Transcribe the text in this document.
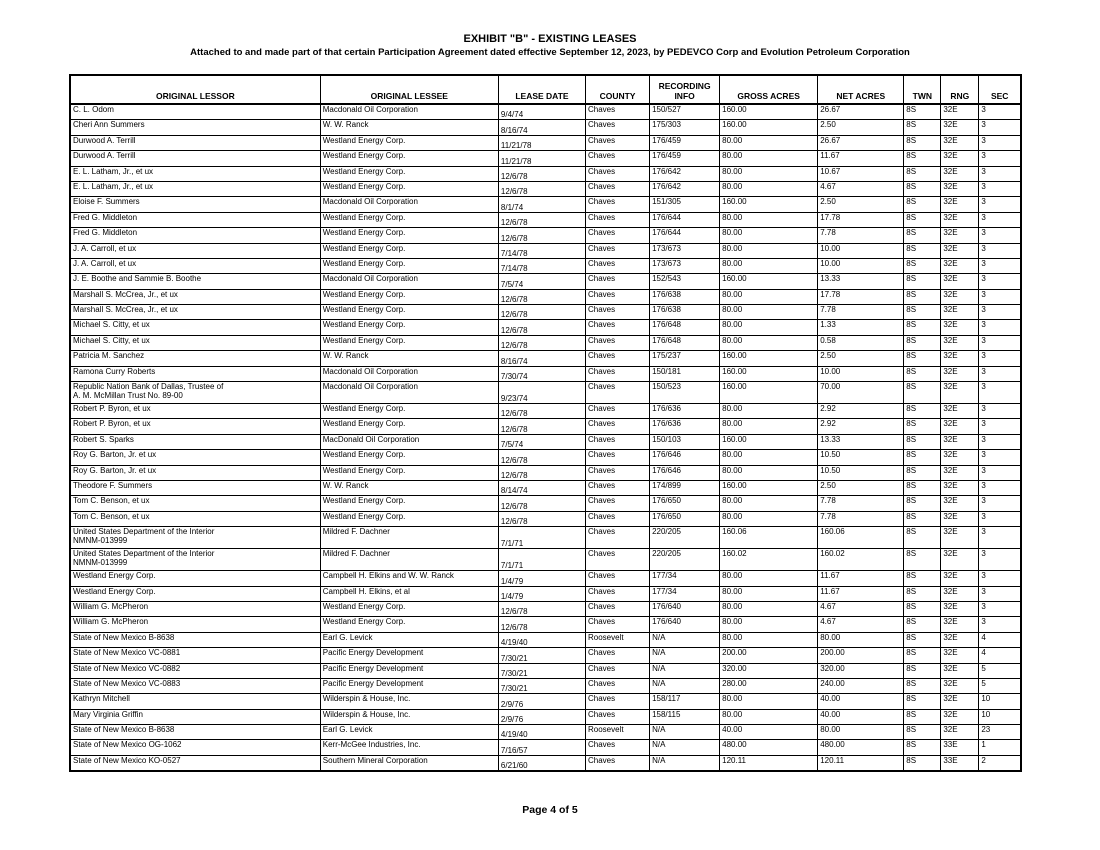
EXHIBIT "B" - EXISTING LEASES
Attached to and made part of that certain Participation Agreement dated effective September 12, 2023, by PEDEVCO Corp and Evolution Petroleum Corporation
ORIGINAL LESSOR	ORIGINAL LESSEE	LEASE DATE	COUNTY	RECORDING INFO	GROSS ACRES	NET ACRES	TWN	RNG	SEC
C. L. Odom	Macdonald Oil Corporation	9/4/74	Chaves	150/527	160.00	26.67	8S	32E	3
Cheri Ann Summers	W. W. Ranck	8/16/74	Chaves	175/303	160.00	2.50	8S	32E	3
Durwood A. Terrill	Westland Energy Corp.	11/21/78	Chaves	176/459	80.00	26.67	8S	32E	3
Durwood A. Terrill	Westland Energy Corp.	11/21/78	Chaves	176/459	80.00	11.67	8S	32E	3
E. L. Latham, Jr., et ux	Westland Energy Corp.	12/6/78	Chaves	176/642	80.00	10.67	8S	32E	3
E. L. Latham, Jr., et ux	Westland Energy Corp.	12/6/78	Chaves	176/642	80.00	4.67	8S	32E	3
Eloise F. Summers	Macdonald Oil Corporation	8/1/74	Chaves	151/305	160.00	2.50	8S	32E	3
Fred G. Middleton	Westland Energy Corp.	12/6/78	Chaves	176/644	80.00	17.78	8S	32E	3
Fred G. Middleton	Westland Energy Corp.	12/6/78	Chaves	176/644	80.00	7.78	8S	32E	3
J. A. Carroll, et ux	Westland Energy Corp.	7/14/78	Chaves	173/673	80.00	10.00	8S	32E	3
J. A. Carroll, et ux	Westland Energy Corp.	7/14/78	Chaves	173/673	80.00	10.00	8S	32E	3
J. E. Boothe and Sammie B. Boothe	Macdonald Oil Corporation	7/5/74	Chaves	152/543	160.00	13.33	8S	32E	3
Marshall S. McCrea, Jr., et ux	Westland Energy Corp.	12/6/78	Chaves	176/638	80.00	17.78	8S	32E	3
Marshall S. McCrea, Jr., et ux	Westland Energy Corp.	12/6/78	Chaves	176/638	80.00	7.78	8S	32E	3
Michael S. Citty, et ux	Westland Energy Corp.	12/6/78	Chaves	176/648	80.00	1.33	8S	32E	3
Michael S. Citty, et ux	Westland Energy Corp.	12/6/78	Chaves	176/648	80.00	0.58	8S	32E	3
Patricia M. Sanchez	W. W. Ranck	8/16/74	Chaves	175/237	160.00	2.50	8S	32E	3
Ramona Curry Roberts	Macdonald Oil Corporation	7/30/74	Chaves	150/181	160.00	10.00	8S	32E	3

Republic Nation Bank of Dallas, Trustee of
A. M. McMillan Trust No. 89-00	Macdonald Oil Corporation	9/23/74	Chaves	150/523	160.00	70.00	8S	32E	3
Robert P. Byron, et ux	Westland Energy Corp.	12/6/78	Chaves	176/636	80.00	2.92	8S	32E	3
Robert P. Byron, et ux	Westland Energy Corp.	12/6/78	Chaves	176/636	80.00	2.92	8S	32E	3
Robert S. Sparks	MacDonald Oil Corporation	7/5/74	Chaves	150/103	160.00	13.33	8S	32E	3
Roy G. Barton, Jr. et ux	Westland Energy Corp.	12/6/78	Chaves	176/646	80.00	10.50	8S	32E	3
Roy G. Barton, Jr. et ux	Westland Energy Corp.	12/6/78	Chaves	176/646	80.00	10.50	8S	32E	3
Theodore F. Summers	W. W. Ranck	8/14/74	Chaves	174/899	160.00	2.50	8S	32E	3
Tom C. Benson, et ux	Westland Energy Corp.	12/6/78	Chaves	176/650	80.00	7.78	8S	32E	3
Tom C. Benson, et ux	Westland Energy Corp.	12/6/78	Chaves	176/650	80.00	7.78	8S	32E	3

United States Department of the Interior
NMNM-013999	Mildred F. Dachner	7/1/71	Chaves	220/205	160.06	160.06	8S	32E	3

United States Department of the Interior
NMNM-013999	Mildred F. Dachner	7/1/71	Chaves	220/205	160.02	160.02	8S	32E	3
Westland Energy Corp.	Campbell H. Elkins and W. W. Ranck	1/4/79	Chaves	177/34	80.00	11.67	8S	32E	3
Westland Energy Corp.	Campbell H. Elkins, et al	1/4/79	Chaves	177/34	80.00	11.67	8S	32E	3
William G. McPheron	Westland Energy Corp.	12/6/78	Chaves	176/640	80.00	4.67	8S	32E	3
William G. McPheron	Westland Energy Corp.	12/6/78	Chaves	176/640	80.00	4.67	8S	32E	3
State of New Mexico B-8638	Earl G. Levick	4/19/40	Roosevelt	N/A	80.00	80.00	8S	32E	4
State of New Mexico VC-0881	Pacific Energy Development	7/30/21	Chaves	N/A	200.00	200.00	8S	32E	4
State of New Mexico VC-0882	Pacific Energy Development	7/30/21	Chaves	N/A	320.00	320.00	8S	32E	5
State of New Mexico VC-0883	Pacific Energy Development	7/30/21	Chaves	N/A	280.00	240.00	8S	32E	5
Kathryn Mitchell	Wilderspin & House, Inc.	2/9/76	Chaves	158/117	80.00	40.00	8S	32E	10
Mary Virginia Griffin	Wilderspin & House, Inc.	2/9/76	Chaves	158/115	80.00	40.00	8S	32E	10
State of New Mexico B-8638	Earl G. Levick	4/19/40	Roosevelt	N/A	40.00	80.00	8S	32E	23
State of New Mexico OG-1062	Kerr-McGee Industries, Inc.	7/16/57	Chaves	N/A	480.00	480.00	8S	33E	1
State of New Mexico KO-0527	Southern Mineral Corporation	6/21/60	Chaves	N/A	120.11	120.11	8S	33E	2
Page 4 of 5
